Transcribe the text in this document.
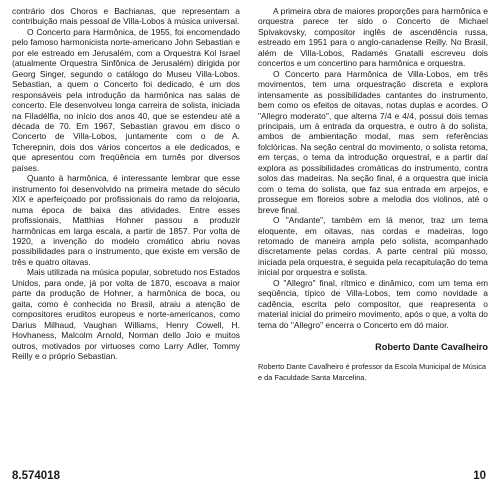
contrário dos Choros e Bachianas, que representam a contribuição mais pessoal de Villa-Lobos à música universal.

O Concerto para Harmônica, de 1955, foi encomendado pelo famoso harmonicista norte-americano John Sebastian e por ele estreado em Jerusalém, com a Orquestra Kol Israel (atualmente Orquestra Sinfônica de Jerusalém) dirigida por Georg Singer, segundo o catálogo do Museu Villa-Lobos. Sebastian, a quem o Concerto foi dedicado, é um dos responsáveis pela introdução da harmônica nas salas de concerto. Ele desenvolveu longa carreira de solista, iniciada na Filadélfia, no início dos anos 40, que se estendeu até a década de 70. Em 1967, Sebastian gravou em disco o Concerto de Villa-Lobos, juntamente com o de A. Tcherepnin, dois dos vários concertos a ele dedicados, e que apresentou com freqüência em turnês por diversos países.

Quanto à harmônica, é interessante lembrar que esse instrumento foi desenvolvido na primeira metade do século XIX e aperfeiçoado por profissionais do ramo da relojoaria, numa época de baixa das atividades. Entre esses profissionais, Matthias Hohner passou a produzir harmônicas em larga escala, a partir de 1857. Por volta de 1920, a invenção do modelo cromático abriu novas possibilidades para o instrumento, que existe em versão de três e quatro oitavas.

Mais utilizada na música popular, sobretudo nos Estados Unidos, para onde, já por volta de 1870, escoava a maior parte da produção de Hohner, a harmônica de boca, ou gaita, como é conhecida no Brasil, atraiu a atenção de compositores eruditos europeus e norte-americanos, como Darius Milhaud, Vaughan Williams, Henry Cowell, H. Hovhaness, Malcolm Arnold, Norman dello Joio e muitos outros, motivados por virtuoses como Larry Adler, Tommy Reilly e o próprio Sebastian.

A primeira obra de maiores proporções para harmônica e orquestra parece ter sido o Concerto de Michael Spivakovsky, compositor inglês de ascendência russa, estreado em 1951 para o anglo-canadense Reilly. No Brasil, além de Villa-Lobos, Radamés Gnatalli escreveu dois concertos e um concertino para harmônica e orquestra.

O Concerto para Harmônica de Villa-Lobos, em três movimentos, tem uma orquestração discreta e explora intensamente as possibilidades cantantes do instrumento, bem como os efeitos de oitavas, notas duplas e acordes. O "Allegro moderato", que alterna 7/4 e 4/4, possui dois temas principais, um à entrada da orquestra, e outro à do solista, ambos de ambientação modal, mas sem referências folclóricas. Na seção central do movimento, o solista retoma, em terças, o tema da introdução orquestral, e a partir daí explora as possibilidades cromáticas do instrumento, contra solos das madeiras. Na seção final, é a orquestra que inicia com o tema do solista, que faz sua entrada em arpejos, e prossegue em floreios sobre a melodia dos violinos, até o breve final.

O "Andante", também em lá menor, traz um tema eloquente, em oitavas, nas cordas e madeiras, logo retomado de maneira ampla pelo solista, acompanhado discretamente pelas cordas. A parte central più mosso, iniciada pela orquestra, é seguida pela recapitulação do tema inicial por orquestra e solista.

O "Allegro" final, rítmico e dinâmico, com um tema em seqüência, típico de Villa-Lobos, tem como novidade a cadência, escrita pelo compositor, que reapresenta o material inicial do primeiro movimento, após o que, a volta do tema do "Allegro" encerra o Concerto em dó maior.

Roberto Dante Cavalheiro
Roberto Dante Cavalheiro é professor da Escola Municipal de Música e da Faculdade Santa Marcelina.
8.574018	10
